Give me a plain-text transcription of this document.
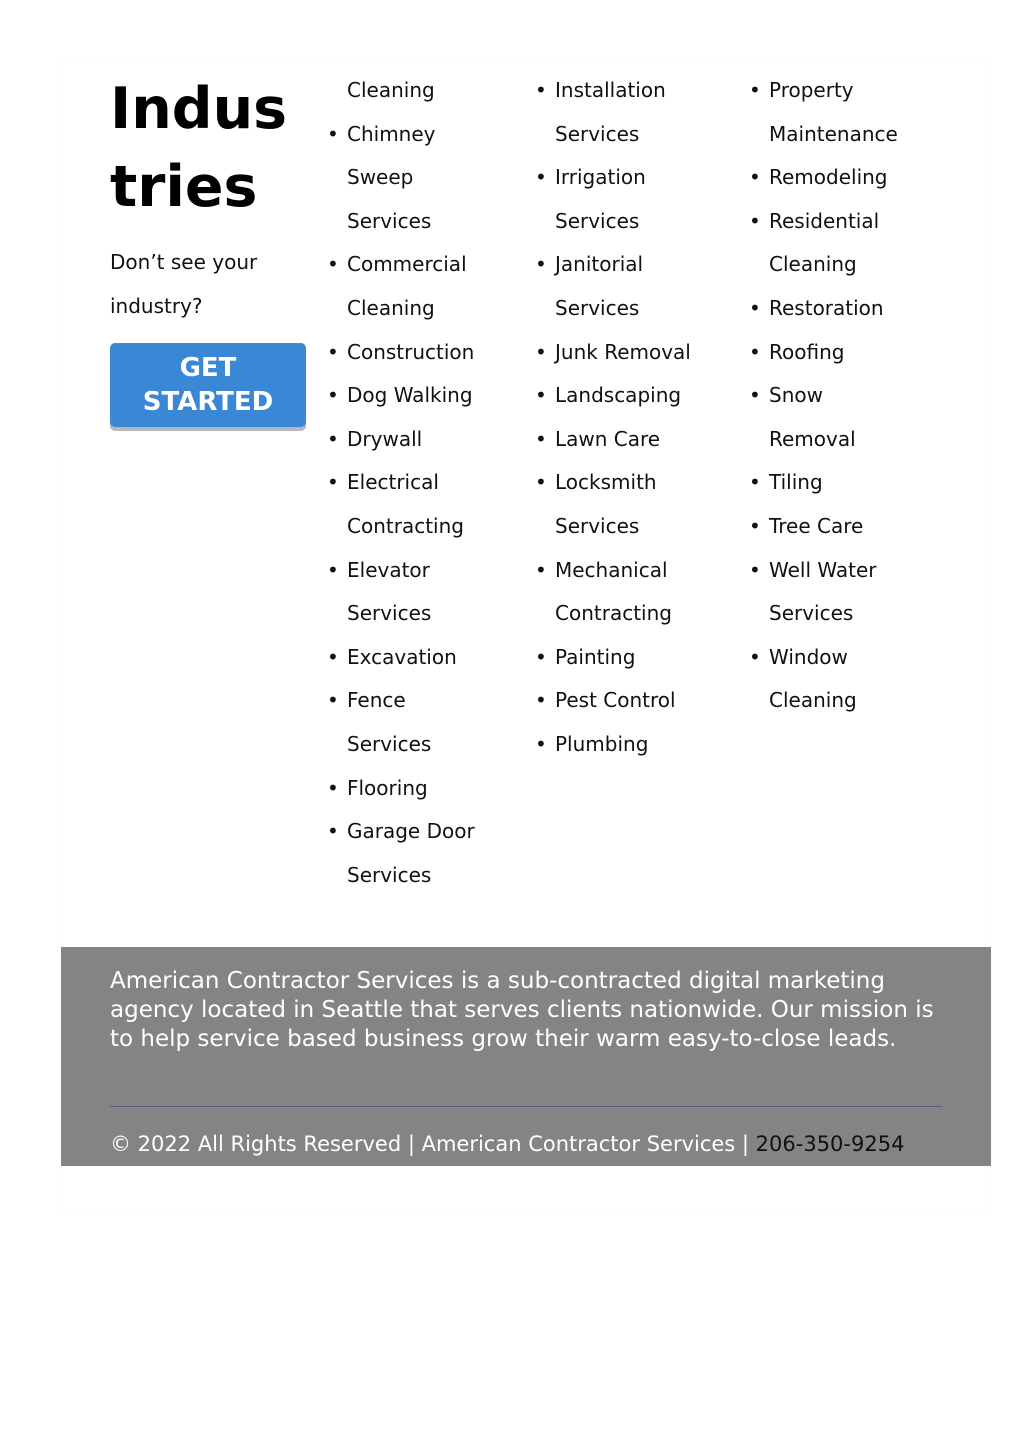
Industries

Don’t see your industry?

GET STARTED
Cleaning
• Chimney
Sweep
Services
• Commercial
Cleaning
• Construction
• Dog Walking
• Drywall
• Electrical
Contracting
• Elevator
Services
• Excavation
• Fence
Services
• Flooring
• Garage Door
Services
• Installation
Services
• Irrigation
Services
• Janitorial
Services
• Junk Removal
• Landscaping
• Lawn Care
• Locksmith
Services
• Mechanical
Contracting
• Painting
• Pest Control
• Plumbing
• Property
Maintenance
• Remodeling
• Residential
Cleaning
• Restoration
• Roofing
• Snow
Removal
• Tiling
• Tree Care
• Well Water
Services
• Window
Cleaning

American Contractor Services is a sub-contracted digital marketing agency located in Seattle that serves clients nationwide. Our mission is to help service based business grow their warm easy-to-close leads.

© 2022 All Rights Reserved | American Contractor Services | 206-350-9254
